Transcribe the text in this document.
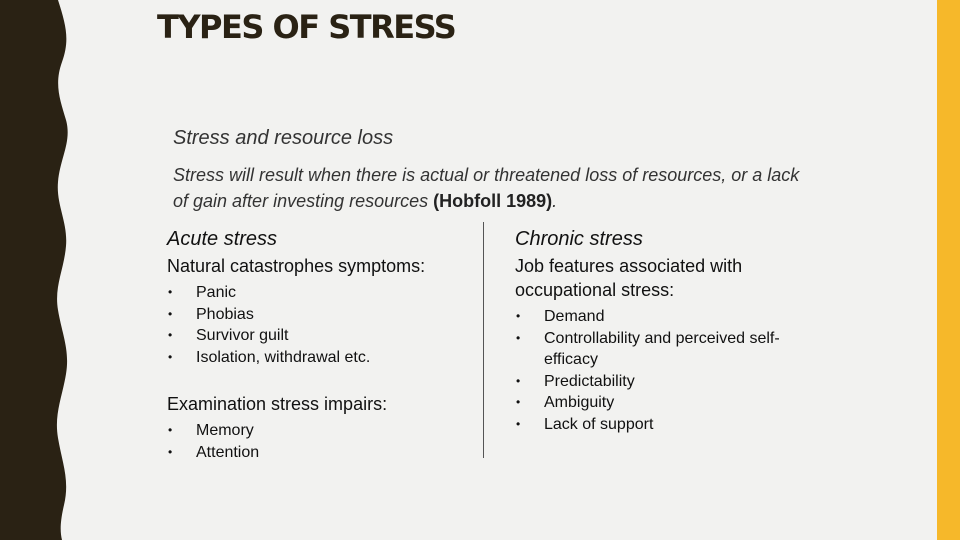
TYPES OF STRESS
Stress and resource loss
Stress will result when there is actual or threatened loss of resources, or a lack of gain after investing resources (Hobfoll 1989).
Acute stress
Natural catastrophes symptoms:
• Panic
• Phobias
• Survivor guilt
• Isolation, withdrawal etc.
Examination stress impairs:
• Memory
• Attention
Chronic stress
Job features associated with occupational stress:
• Demand
• Controllability and perceived self-efficacy
• Predictability
• Ambiguity
• Lack of support
